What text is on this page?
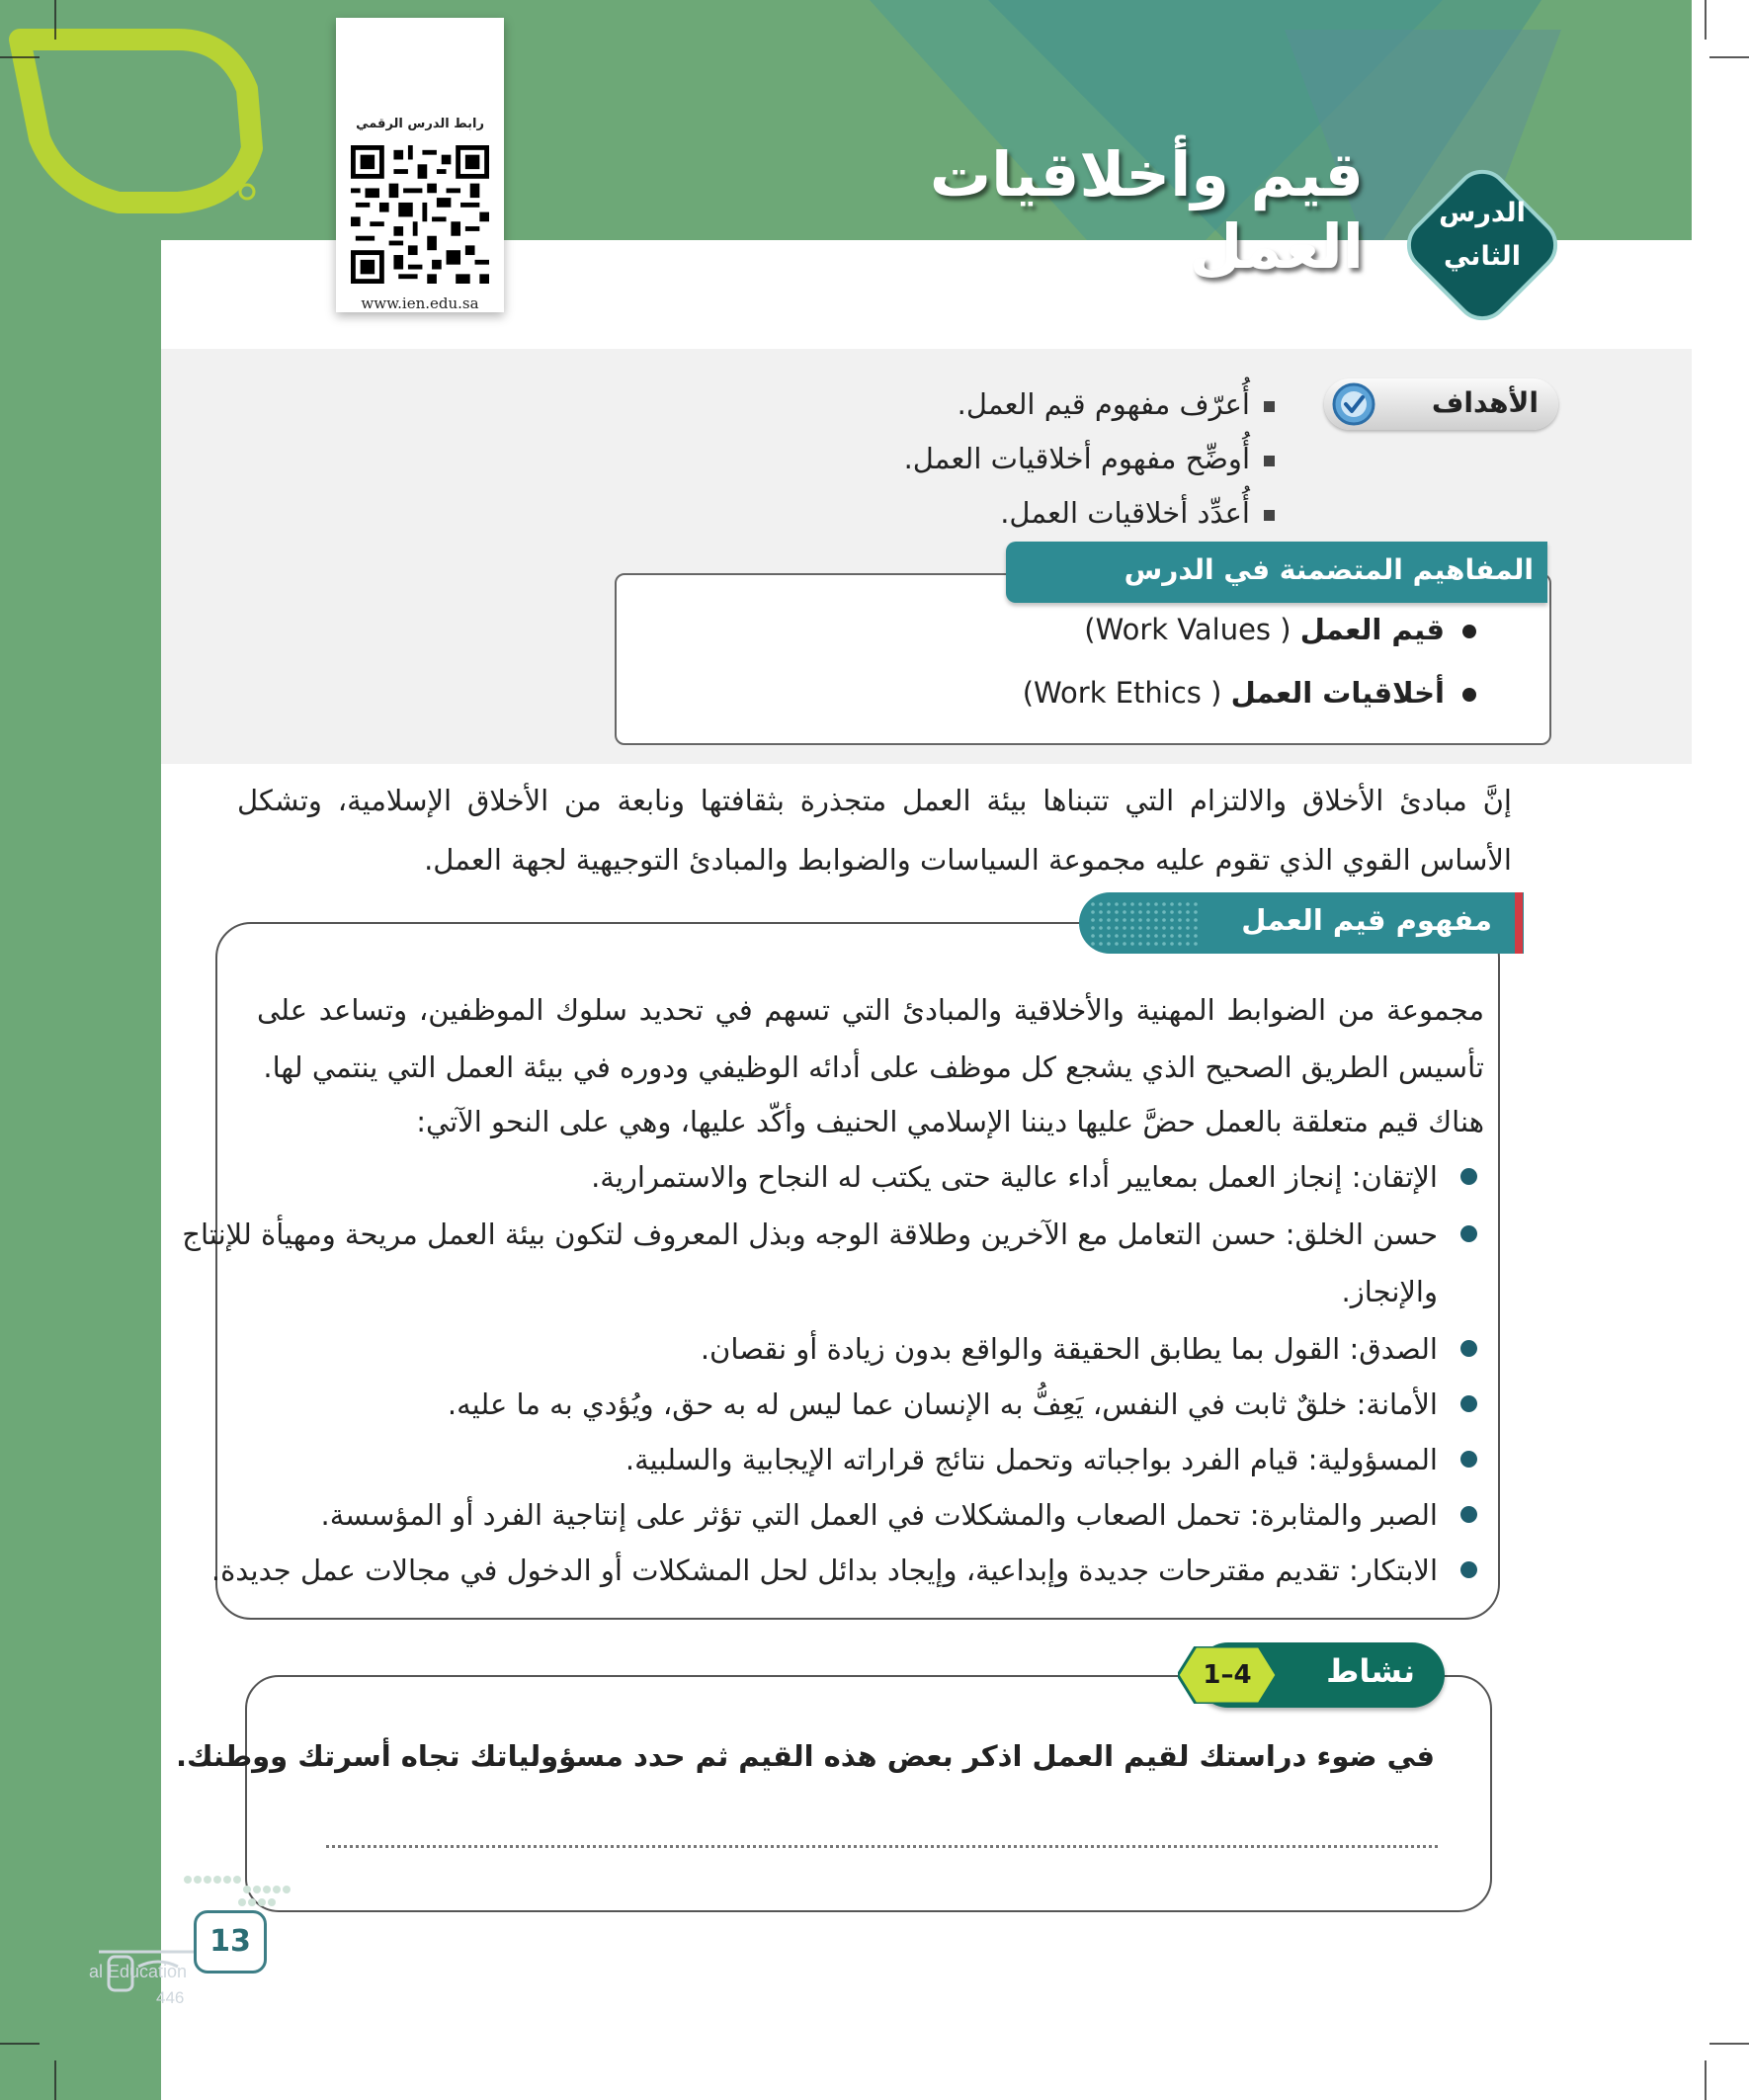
قيم وأخلاقيات العمل	الدرس
الثاني
رابط الدرس الرقمي
www.ien.edu.sa
الأهداف
أُعرّف مفهوم قيم العمل.
أُوضِّح مفهوم أخلاقيات العمل.
أُعدِّد أخلاقيات العمل.
المفاهيم المتضمنة في الدرس
قيم العمل ( Work Values)
أخلاقيات العمل ( Work Ethics)
إنَّ مبادئ الأخلاق والالتزام التي تتبناها بيئة العمل متجذرة بثقافتها ونابعة من الأخلاق الإسلامية، وتشكل الأساس القوي الذي تقوم عليه مجموعة السياسات والضوابط والمبادئ التوجيهية لجهة العمل.
مفهوم قيم العمل
مجموعة من الضوابط المهنية والأخلاقية والمبادئ التي تسهم في تحديد سلوك الموظفين، وتساعد على تأسيس الطريق الصحيح الذي يشجع كل موظف على أدائه الوظيفي ودوره في بيئة العمل التي ينتمي لها.
هناك قيم متعلقة بالعمل حضَّ عليها ديننا الإسلامي الحنيف وأكّد عليها، وهي على النحو الآتي:
الإتقان: إنجاز العمل بمعايير أداء عالية حتى يكتب له النجاح والاستمرارية.
حسن الخلق: حسن التعامل مع الآخرين وطلاقة الوجه وبذل المعروف لتكون بيئة العمل مريحة ومهيأة للإنتاج والإنجاز.
الصدق: القول بما يطابق الحقيقة والواقع بدون زيادة أو نقصان.
الأمانة: خلقٌ ثابت في النفس، يَعِفُّ به الإنسان عما ليس له به حق، ويُؤدي به ما عليه.
المسؤولية: قيام الفرد بواجباته وتحمل نتائج قراراته الإيجابية والسلبية.
الصبر والمثابرة: تحمل الصعاب والمشكلات في العمل التي تؤثر على إنتاجية الفرد أو المؤسسة.
الابتكار: تقديم مقترحات جديدة وإبداعية، وإيجاد بدائل لحل المشكلات أو الدخول في مجالات عمل جديدة.
نشاط
1–4
في ضوء دراستك لقيم العمل اذكر بعض هذه القيم ثم حدد مسؤولياتك تجاه أسرتك ووطنك.
13
al Education
446
